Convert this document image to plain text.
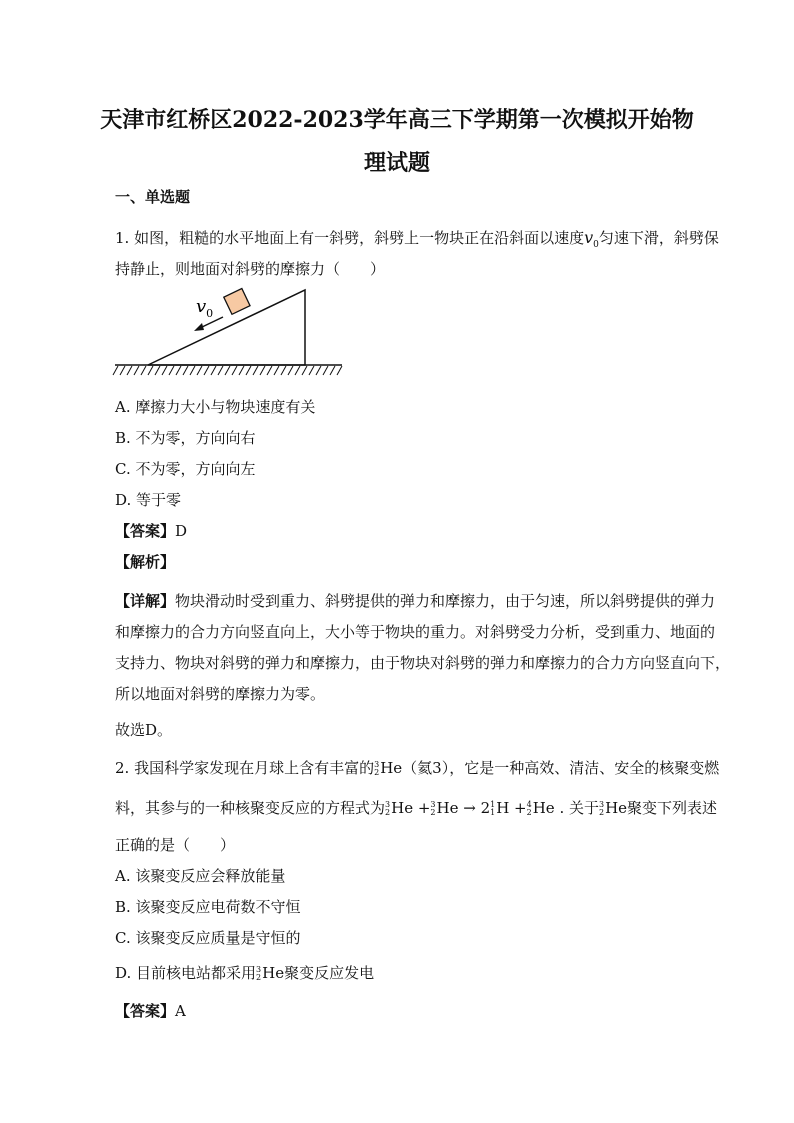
天津市红桥区2022-2023学年高三下学期第一次模拟开始物
理试题
一、单选题
1. 如图，粗糙的水平地面上有一斜劈，斜劈上一物块正在沿斜面以速度$v_0$匀速下滑，斜劈保
持静止，则地面对斜劈的摩擦力（　　）
$v_0$
A. 摩擦力大小与物块速度有关
B. 不为零，方向向右
C. 不为零，方向向左
D. 等于零
【答案】D
【解析】
【详解】物块滑动时受到重力、斜劈提供的弹力和摩擦力，由于匀速，所以斜劈提供的弹力
和摩擦力的合力方向竖直向上，大小等于物块的重力。对斜劈受力分析，受到重力、地面的
支持力、物块对斜劈的弹力和摩擦力，由于物块对斜劈的弹力和摩擦力的合力方向竖直向下，
所以地面对斜劈的摩擦力为零。
故选D。
2. 我国科学家发现在月球上含有丰富的 3
2 He（氦3），它是一种高效、清洁、安全的核聚变燃
料，其参与的一种核聚变反应的方程式为 3
2 He + 3
2 He → 2 1
1 H + 4
2 He . 关于 3
2 He聚变下列表述
正确的是（　　）
A. 该聚变反应会释放能量
B. 该聚变反应电荷数不守恒
C. 该聚变反应质量是守恒的
D. 目前核电站都采用 3
2 He聚变反应发电
【答案】A
